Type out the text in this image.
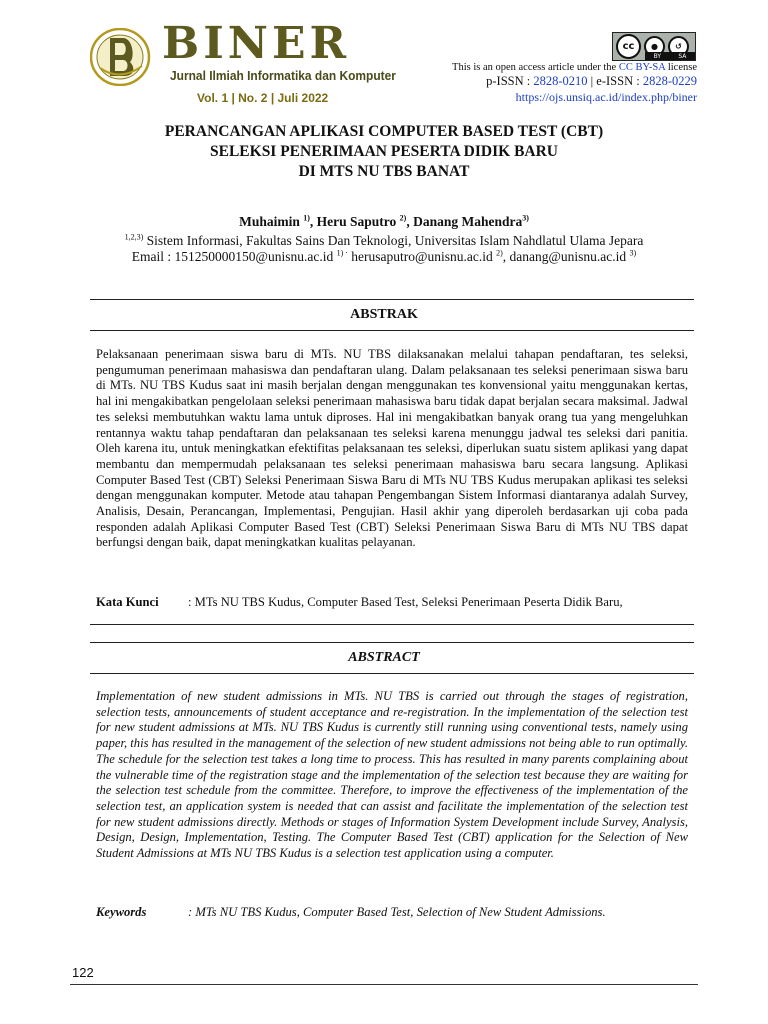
BINER
Jurnal Ilmiah Informatika dan Komputer
Vol. 1 | No. 2 | Juli 2022
cc	●	↺
BY	SA
This is an open access article under the CC BY-SA license
p-ISSN : 2828-0210 | e-ISSN : 2828-0229
https://ojs.unsiq.ac.id/index.php/biner
PERANCANGAN APLIKASI COMPUTER BASED TEST (CBT)
SELEKSI PENERIMAAN PESERTA DIDIK BARU
DI MTS NU TBS BANAT
Muhaimin $^{1)}$, Heru Saputro $^{2)}$, Danang Mahendra$^{3)}$
$^{1,2,3)}$ Sistem Informasi, Fakultas Sains Dan Teknologi, Universitas Islam Nahdlatul Ulama Jepara
Email : 151250000150@unisnu.ac.id $^{1) \cdot}$ herusaputro@unisnu.ac.id $^{2)}$, danang@unisnu.ac.id $^{3)}$
ABSTRAK
Pelaksanaan penerimaan siswa baru di MTs. NU TBS dilaksanakan melalui tahapan pendaftaran, tes seleksi, pengumuman penerimaan mahasiswa dan pendaftaran ulang. Dalam pelaksanaan tes seleksi penerimaan siswa baru di MTs. NU TBS Kudus saat ini masih berjalan dengan menggunakan tes konvensional yaitu menggunakan kertas, hal ini mengakibatkan pengelolaan seleksi penerimaan mahasiswa baru tidak dapat berjalan secara maksimal. Jadwal tes seleksi membutuhkan waktu lama untuk diproses. Hal ini mengakibatkan banyak orang tua yang mengeluhkan rentannya waktu tahap pendaftaran dan pelaksanaan tes seleksi karena menunggu jadwal tes seleksi dari panitia. Oleh karena itu, untuk meningkatkan efektifitas pelaksanaan tes seleksi, diperlukan suatu sistem aplikasi yang dapat membantu dan mempermudah pelaksanaan tes seleksi penerimaan mahasiswa baru secara langsung. Aplikasi Computer Based Test (CBT) Seleksi Penerimaan Siswa Baru di MTs NU TBS Kudus merupakan aplikasi tes seleksi dengan menggunakan komputer. Metode atau tahapan Pengembangan Sistem Informasi diantaranya adalah Survey, Analisis, Desain, Perancangan, Implementasi, Pengujian. Hasil akhir yang diperoleh berdasarkan uji coba pada responden adalah Aplikasi Computer Based Test (CBT) Seleksi Penerimaan Siswa Baru di MTs NU TBS dapat berfungsi dengan baik, dapat meningkatkan kualitas pelayanan.
Kata Kunci : MTs NU TBS Kudus, Computer Based Test, Seleksi Penerimaan Peserta Didik Baru,
ABSTRACT
Implementation of new student admissions in MTs. NU TBS is carried out through the stages of registration, selection tests, announcements of student acceptance and re-registration. In the implementation of the selection test for new student admissions at MTs. NU TBS Kudus is currently still running using conventional tests, namely using paper, this has resulted in the management of the selection of new student admissions not being able to run optimally. The schedule for the selection test takes a long time to process. This has resulted in many parents complaining about the vulnerable time of the registration stage and the implementation of the selection test because they are waiting for the selection test schedule from the committee. Therefore, to improve the effectiveness of the implementation of the selection test, an application system is needed that can assist and facilitate the implementation of the selection test for new student admissions directly. Methods or stages of Information System Development include Survey, Analysis, Design, Design, Implementation, Testing. The Computer Based Test (CBT) application for the Selection of New Student Admissions at MTs NU TBS Kudus is a selection test application using a computer.
Keywords	: MTs NU TBS Kudus, Computer Based Test, Selection of New Student Admissions.
122
